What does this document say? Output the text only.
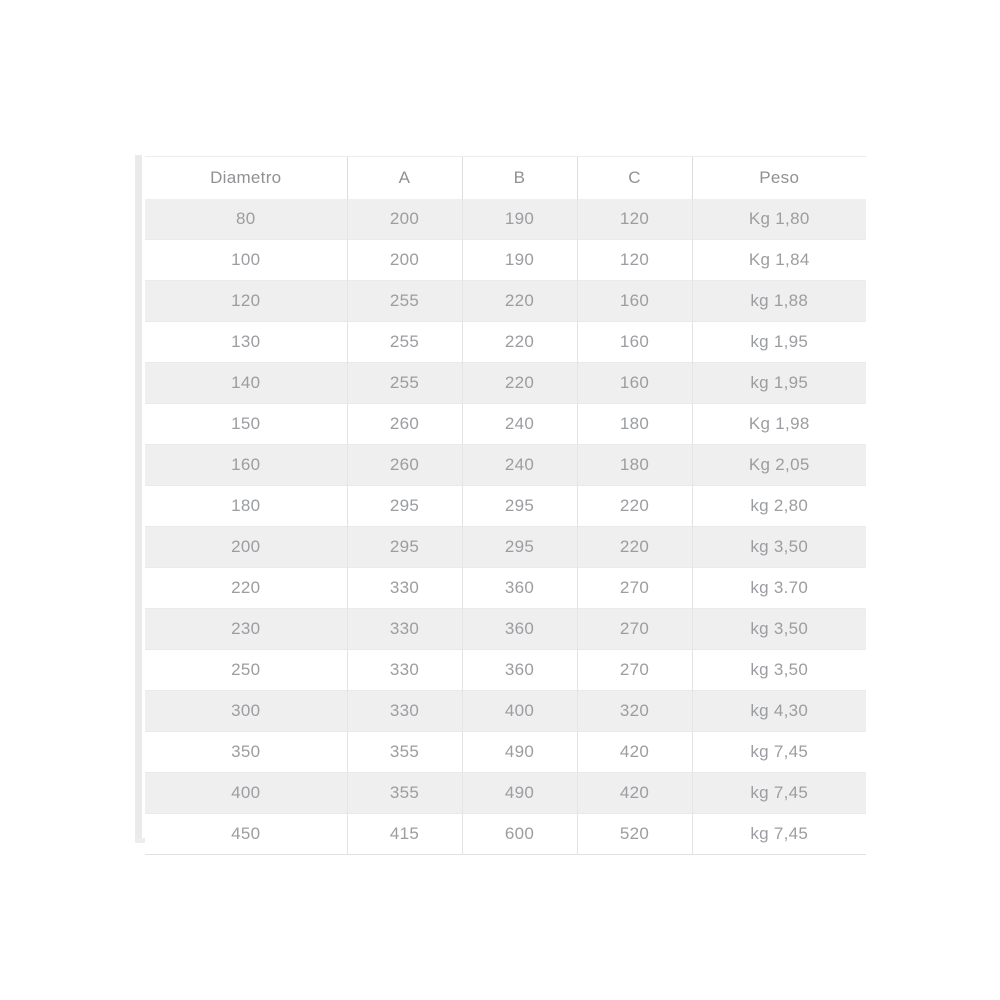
Diametro	A	B	C	Peso
80	200	190	120	Kg 1,80
100	200	190	120	Kg 1,84
120	255	220	160	kg 1,88
130	255	220	160	kg 1,95
140	255	220	160	kg 1,95
150	260	240	180	Kg 1,98
160	260	240	180	Kg 2,05
180	295	295	220	kg 2,80
200	295	295	220	kg 3,50
220	330	360	270	kg 3.70
230	330	360	270	kg 3,50
250	330	360	270	kg 3,50
300	330	400	320	kg 4,30
350	355	490	420	kg 7,45
400	355	490	420	kg 7,45
450	415	600	520	kg 7,45
